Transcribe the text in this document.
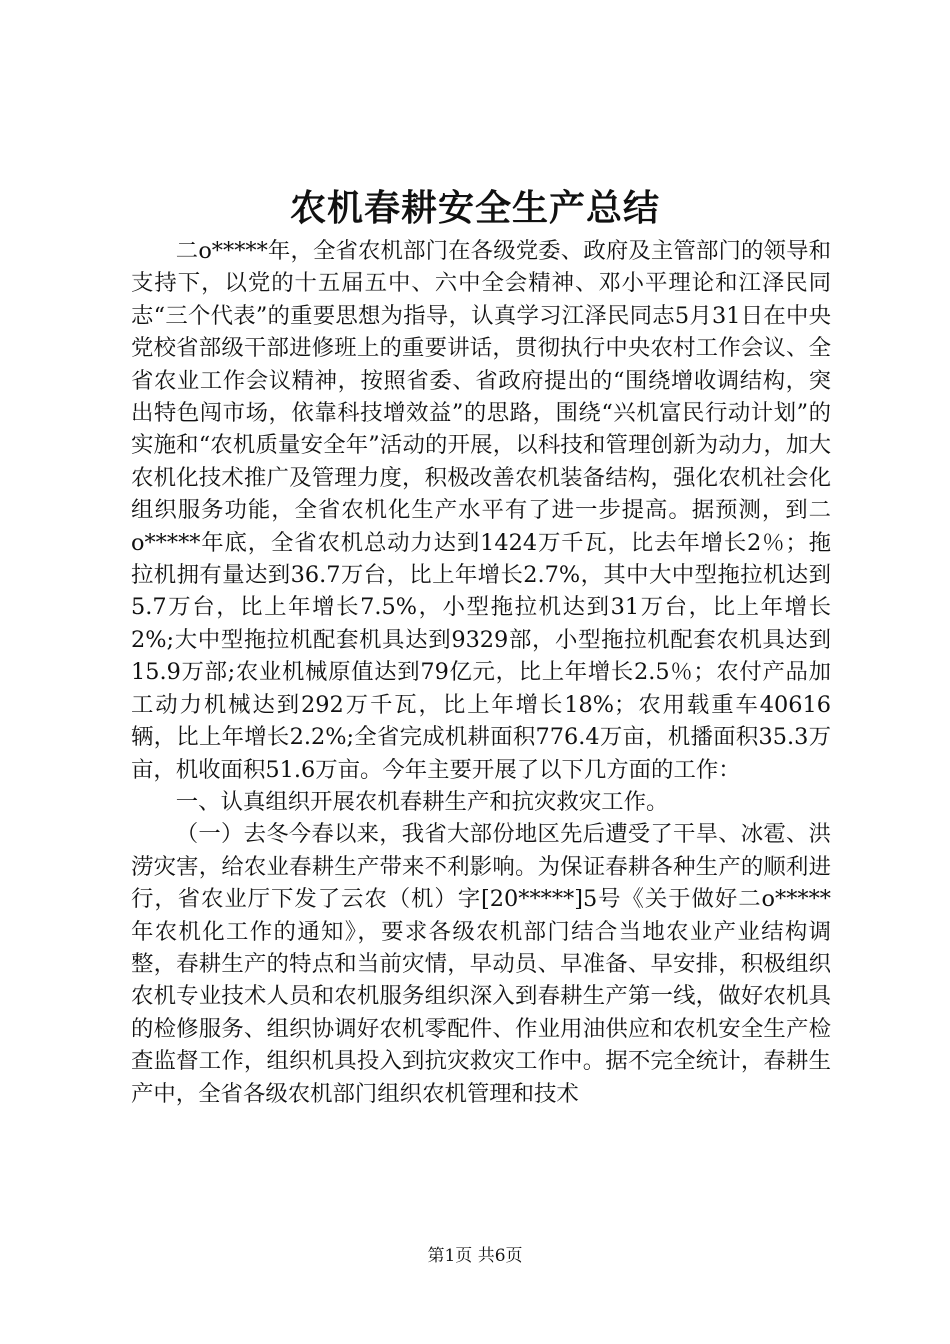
农机春耕安全生产总结

二o*****年，全省农机部门在各级党委、政府及主管部门的领导和支持下，以党的十五届五中、六中全会精神、邓小平理论和江泽民同志“三个代表”的重要思想为指导，认真学习江泽民同志5月31日在中央党校省部级干部进修班上的重要讲话，贯彻执行中央农村工作会议、全省农业工作会议精神，按照省委、省政府提出的“围绕增收调结构，突出特色闯市场，依靠科技增效益”的思路，围绕“兴机富民行动计划”的实施和“农机质量安全年”活动的开展，以科技和管理创新为动力，加大农机化技术推广及管理力度，积极改善农机装备结构，强化农机社会化组织服务功能，全省农机化生产水平有了进一步提高。据预测，到二o*****年底，全省农机总动力达到1424万千瓦，比去年增长2％；拖拉机拥有量达到36.7万台，比上年增长2.7%，其中大中型拖拉机达到5.7万台，比上年增长7.5%，小型拖拉机达到31万台，比上年增长2%;大中型拖拉机配套机具达到9329部，小型拖拉机配套农机具达到15.9万部;农业机械原值达到79亿元，比上年增长2.5％；农付产品加工动力机械达到292万千瓦，比上年增长18%；农用载重车40616辆，比上年增长2.2%;全省完成机耕面积776.4万亩，机播面积35.3万亩，机收面积51.6万亩。今年主要开展了以下几方面的工作：

一、认真组织开展农机春耕生产和抗灾救灾工作。

（一）去冬今春以来，我省大部份地区先后遭受了干旱、冰雹、洪涝灾害，给农业春耕生产带来不利影响。为保证春耕各种生产的顺利进行，省农业厅下发了云农（机）字[20*****]5号《关于做好二o*****年农机化工作的通知》，要求各级农机部门结合当地农业产业结构调整，春耕生产的特点和当前灾情，早动员、早准备、早安排，积极组织农机专业技术人员和农机服务组织深入到春耕生产第一线，做好农机具的检修服务、组织协调好农机零配件、作业用油供应和农机安全生产检查监督工作，组织机具投入到抗灾救灾工作中。据不完全统计，春耕生产中，全省各级农机部门组织农机管理和技术

第1页 共6页
